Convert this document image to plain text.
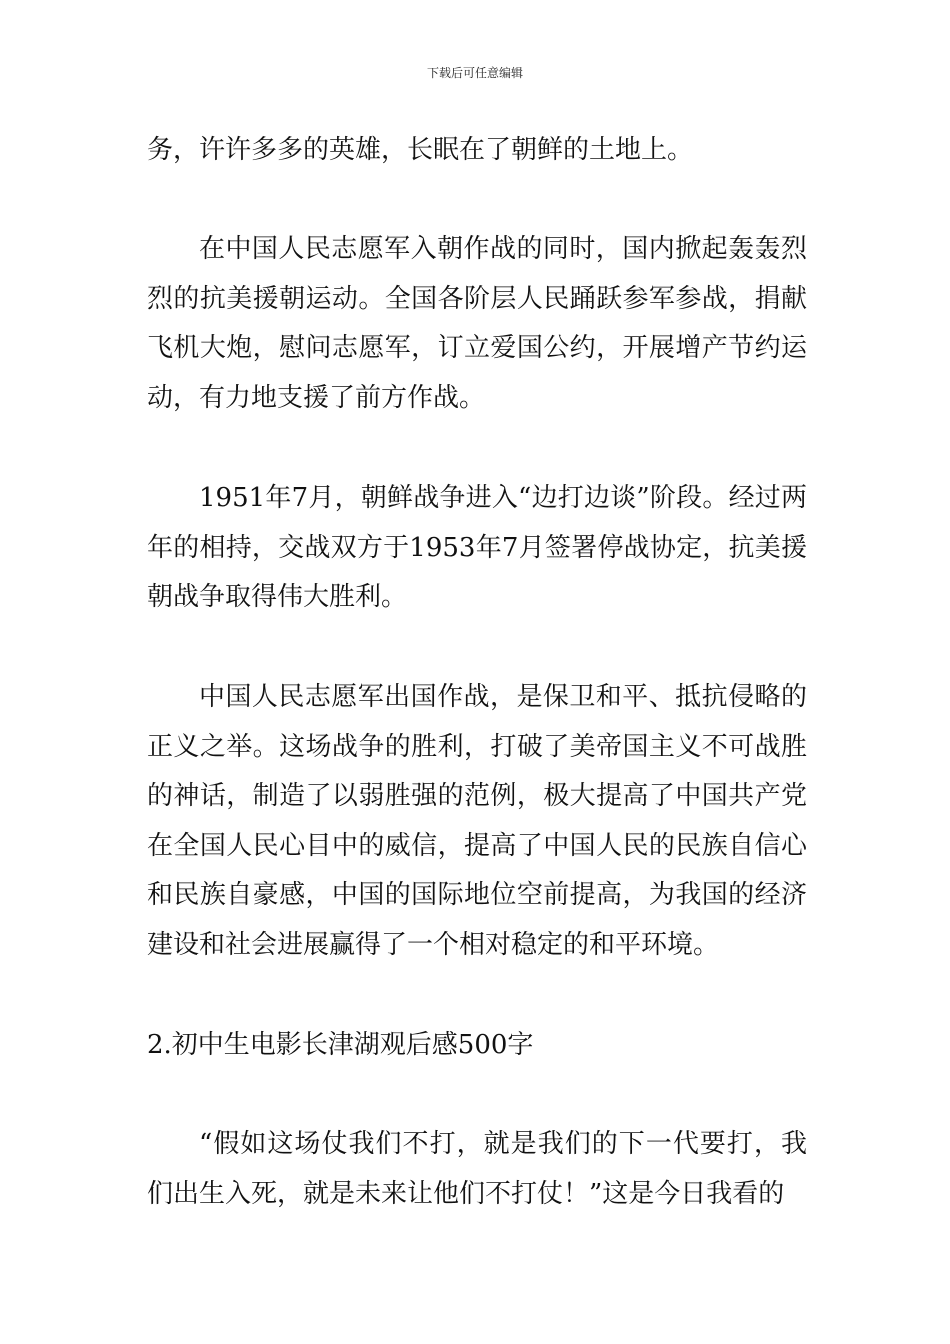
下载后可任意编辑

务，许许多多的英雄，长眠在了朝鲜的土地上。

在中国人民志愿军入朝作战的同时，国内掀起轰轰烈烈的抗美援朝运动。全国各阶层人民踊跃参军参战，捐献飞机大炮，慰问志愿军，订立爱国公约，开展增产节约运动，有力地支援了前方作战。

1951年7月，朝鲜战争进入“边打边谈”阶段。经过两年的相持，交战双方于1953年7月签署停战协定，抗美援朝战争取得伟大胜利。

中国人民志愿军出国作战，是保卫和平、抵抗侵略的正义之举。这场战争的胜利，打破了美帝国主义不可战胜的神话，制造了以弱胜强的范例，极大提高了中国共产党在全国人民心目中的威信，提高了中国人民的民族自信心和民族自豪感，中国的国际地位空前提高，为我国的经济建设和社会进展赢得了一个相对稳定的和平环境。

2.初中生电影长津湖观后感500字

“假如这场仗我们不打，就是我们的下一代要打，我们出生入死，就是未来让他们不打仗！”这是今日我看的
